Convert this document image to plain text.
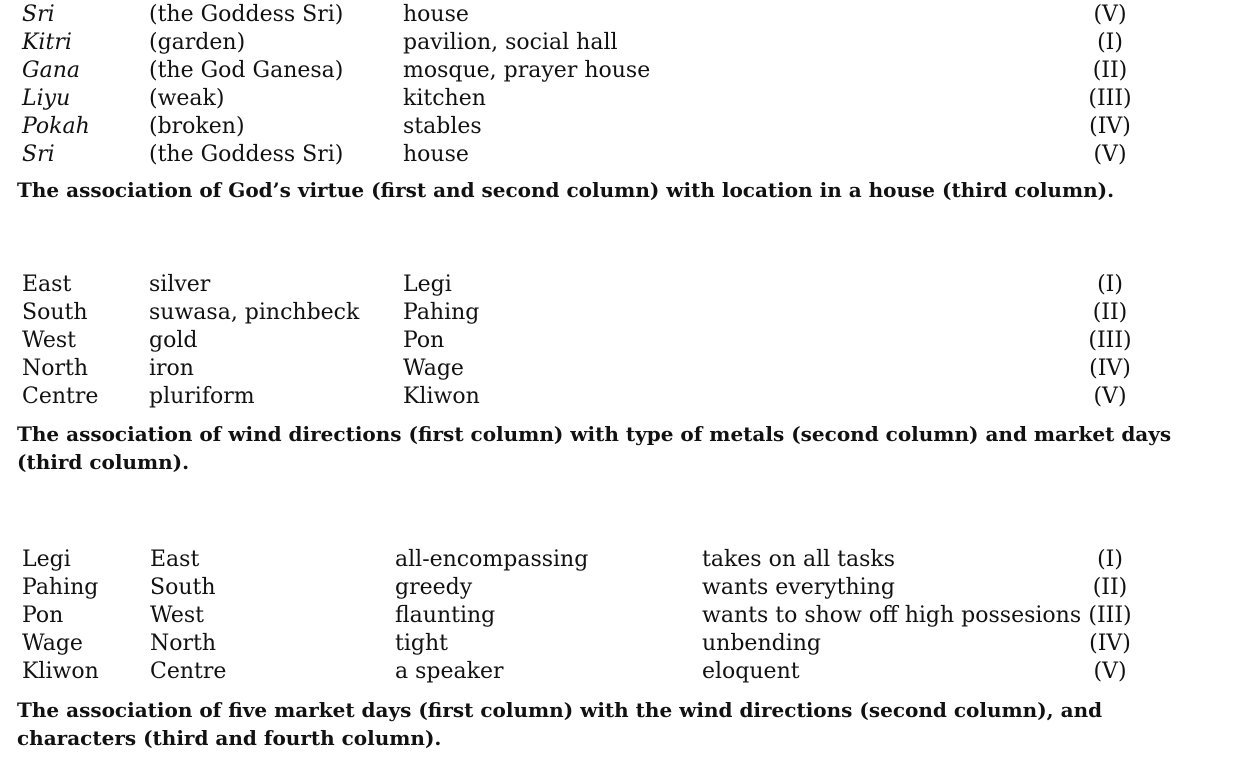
Sri	(the Goddess Sri)	house	(V)
Kitri	(garden)	pavilion, social hall	(I)
Gana	(the God Ganesa)	mosque, prayer house	(II)
Liyu	(weak)	kitchen	(III)
Pokah	(broken)	stables	(IV)
Sri	(the Goddess Sri)	house	(V)
The association of God’s virtue (first and second column) with location in a house (third column).
East	silver	Legi	(I)
South	suwasa, pinchbeck Pahing	(II)
West	gold	Pon	(III)
North	iron	Wage	(IV)
Centre pluriform	Kliwon	(V)
The association of wind directions (first column) with type of metals (second column) and market days (third column).
Legi	East	all-encompassing	takes on all tasks	(I)
Pahing South	greedy	wants everything	(II)
Pon	West	flaunting	wants to show off high possesions (III)
Wage	North	tight	unbending	(IV)
Kliwon Centre	a speaker	eloquent	(V)
The association of five market days (first column) with the wind directions (second column), and characters (third and fourth column).
